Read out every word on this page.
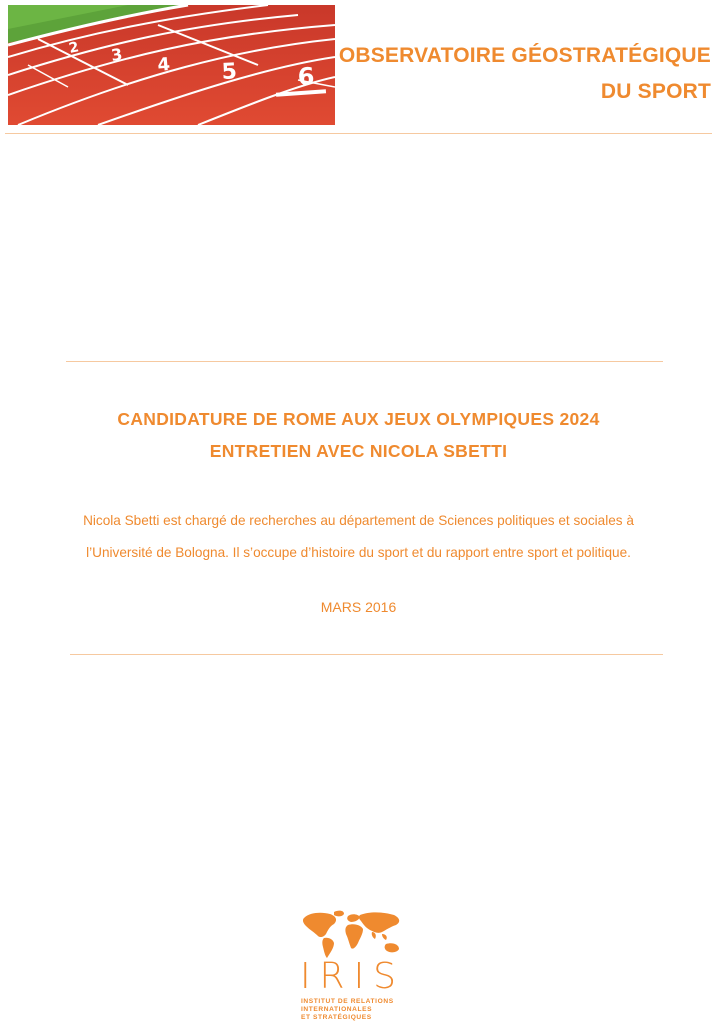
2 3 4 5 6
OBSERVATOIRE GÉOSTRATÉGIQUE
DU SPORT
CANDIDATURE DE ROME AUX JEUX OLYMPIQUES 2024
ENTRETIEN AVEC NICOLA SBETTI
Nicola Sbetti est chargé de recherches au département de Sciences politiques et sociales à
l’Université de Bologna. Il s’occupe d’histoire du sport et du rapport entre sport et politique.
MARS 2016
IRIS
INSTITUT DE RELATIONS
INTERNATIONALES
ET STRATÉGIQUES
